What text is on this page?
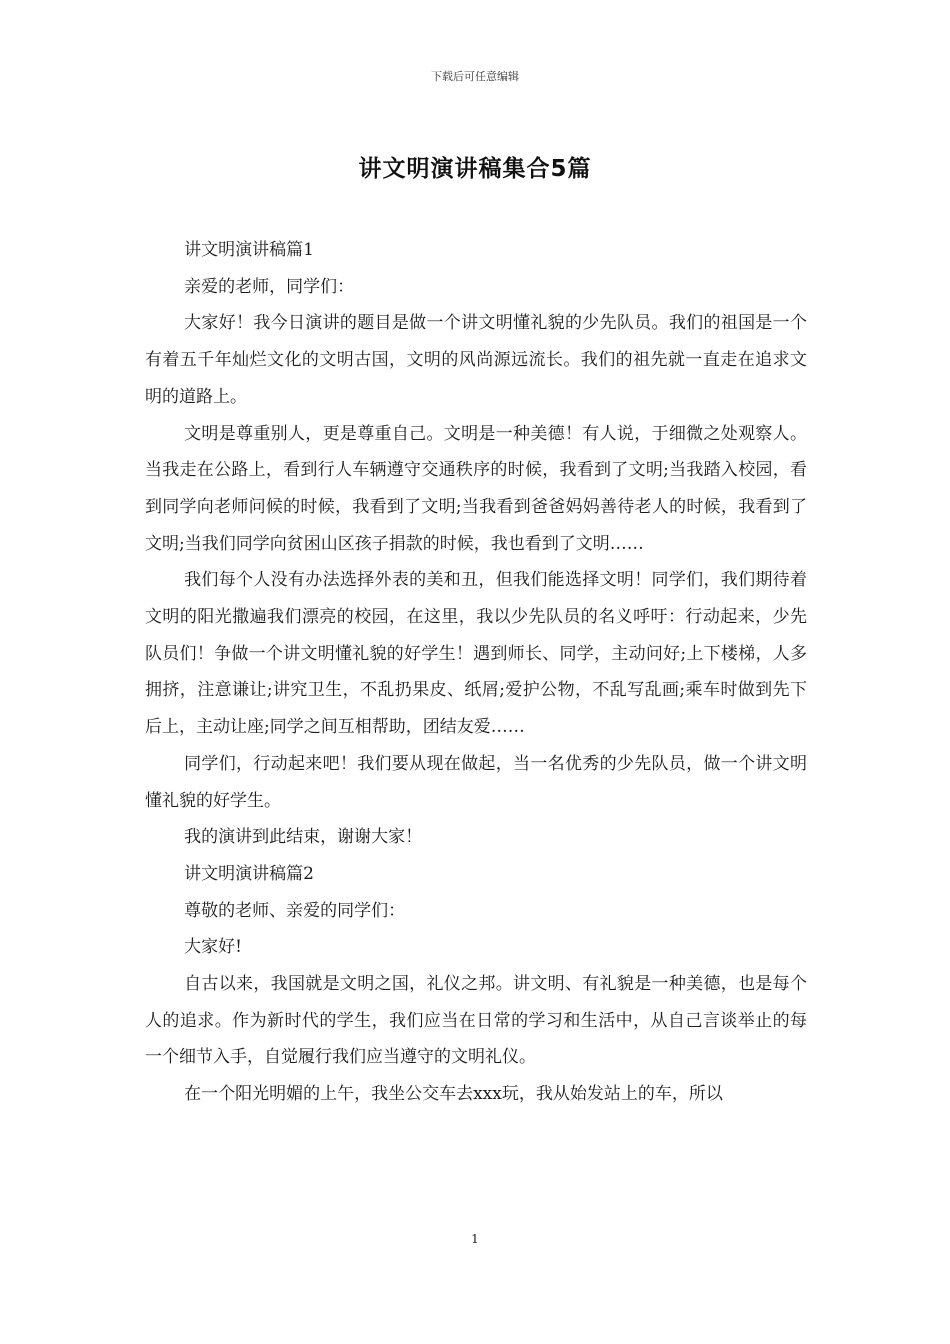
下载后可任意编辑
讲文明演讲稿集合5篇

讲文明演讲稿篇1

亲爱的老师，同学们：

大家好！我今日演讲的题目是做一个讲文明懂礼貌的少先队员。我们的祖国是一个有着五千年灿烂文化的文明古国，文明的风尚源远流长。我们的祖先就一直走在追求文明的道路上。

文明是尊重别人，更是尊重自己。文明是一种美德！有人说，于细微之处观察人。当我走在公路上，看到行人车辆遵守交通秩序的时候，我看到了文明;当我踏入校园，看到同学向老师问候的时候，我看到了文明;当我看到爸爸妈妈善待老人的时候，我看到了文明;当我们同学向贫困山区孩子捐款的时候，我也看到了文明……

我们每个人没有办法选择外表的美和丑，但我们能选择文明！同学们，我们期待着文明的阳光撒遍我们漂亮的校园，在这里，我以少先队员的名义呼吁：行动起来，少先队员们！争做一个讲文明懂礼貌的好学生！遇到师长、同学，主动问好;上下楼梯，人多拥挤，注意谦让;讲究卫生，不乱扔果皮、纸屑;爱护公物，不乱写乱画;乘车时做到先下后上，主动让座;同学之间互相帮助，团结友爱……

同学们，行动起来吧！我们要从现在做起，当一名优秀的少先队员，做一个讲文明懂礼貌的好学生。

我的演讲到此结束，谢谢大家！

讲文明演讲稿篇2

尊敬的老师、亲爱的同学们：

大家好!

自古以来，我国就是文明之国，礼仪之邦。讲文明、有礼貌是一种美德，也是每个人的追求。作为新时代的学生，我们应当在日常的学习和生活中，从自己言谈举止的每一个细节入手，自觉履行我们应当遵守的文明礼仪。

在一个阳光明媚的上午，我坐公交车去xxx玩，我从始发站上的车，所以

1
